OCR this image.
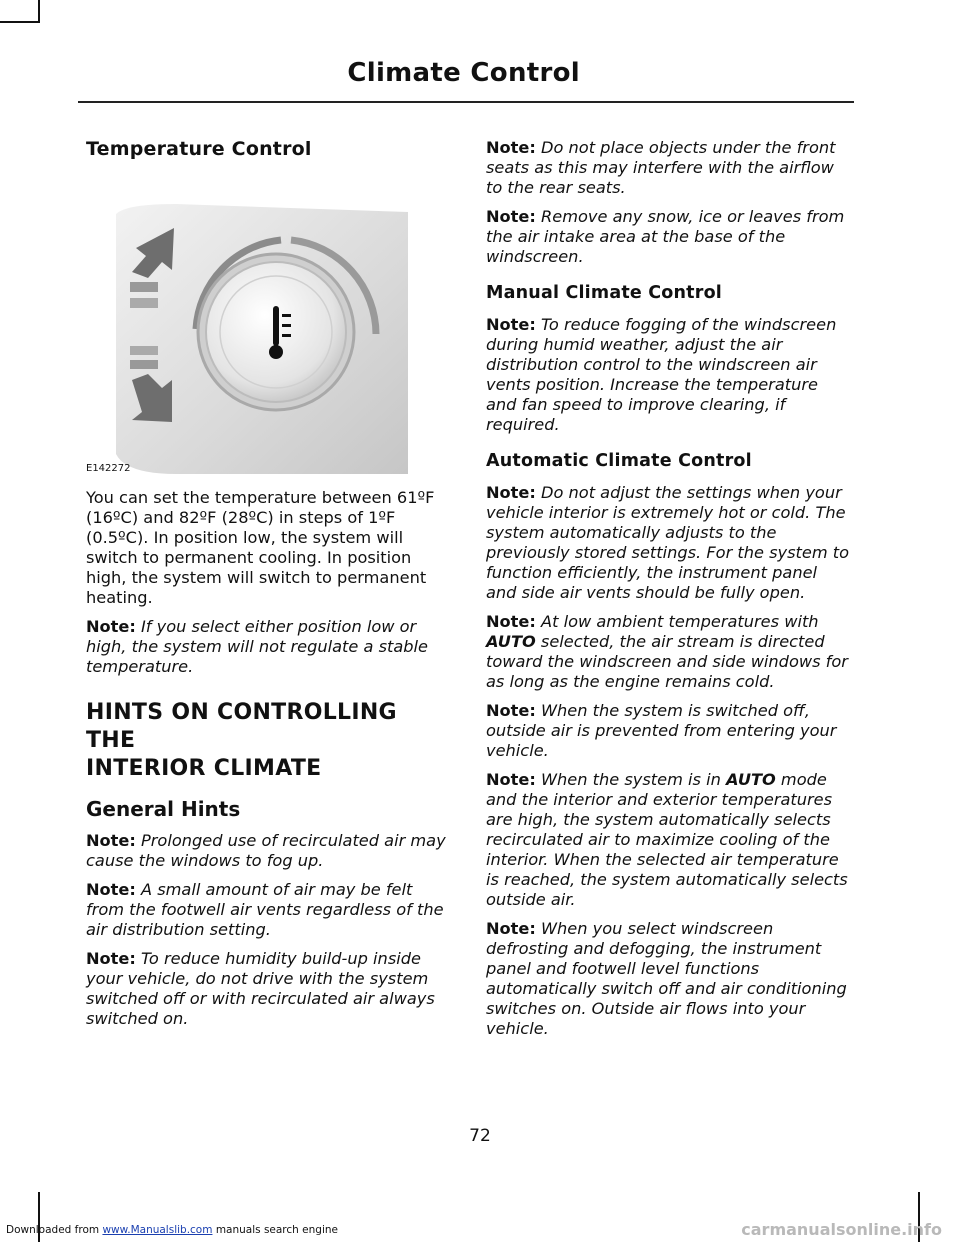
Climate Control
Temperature Control
E142272

You can set the temperature between 61ºF (16ºC) and 82ºF (28ºC) in steps of 1ºF (0.5ºC). In position low, the system will switch to permanent cooling. In position high, the system will switch to permanent heating.

Note: If you select either position low or high, the system will not regulate a stable temperature.

HINTS ON CONTROLLING THE
INTERIOR CLIMATE
General Hints

Note: Prolonged use of recirculated air may cause the windows to fog up.

Note: A small amount of air may be felt from the footwell air vents regardless of the air distribution setting.

Note: To reduce humidity build-up inside your vehicle, do not drive with the system switched off or with recirculated air always switched on.

Note: Do not place objects under the front seats as this may interfere with the airflow to the rear seats.

Note: Remove any snow, ice or leaves from the air intake area at the base of the windscreen.

Manual Climate Control

Note: To reduce fogging of the windscreen during humid weather, adjust the air distribution control to the windscreen air vents position. Increase the temperature and fan speed to improve clearing, if required.

Automatic Climate Control

Note: Do not adjust the settings when your vehicle interior is extremely hot or cold. The system automatically adjusts to the previously stored settings. For the system to function efficiently, the instrument panel and side air vents should be fully open.

Note: At low ambient temperatures with AUTO selected, the air stream is directed toward the windscreen and side windows for as long as the engine remains cold.

Note: When the system is switched off, outside air is prevented from entering your vehicle.

Note: When the system is in AUTO mode and the interior and exterior temperatures are high, the system automatically selects recirculated air to maximize cooling of the interior. When the selected air temperature is reached, the system automatically selects outside air.

Note: When you select windscreen defrosting and defogging, the instrument panel and footwell level functions automatically switch off and air conditioning switches on. Outside air flows into your vehicle.

72
Downloaded from www.Manualslib.com manuals search engine	carmanualsonline.info
